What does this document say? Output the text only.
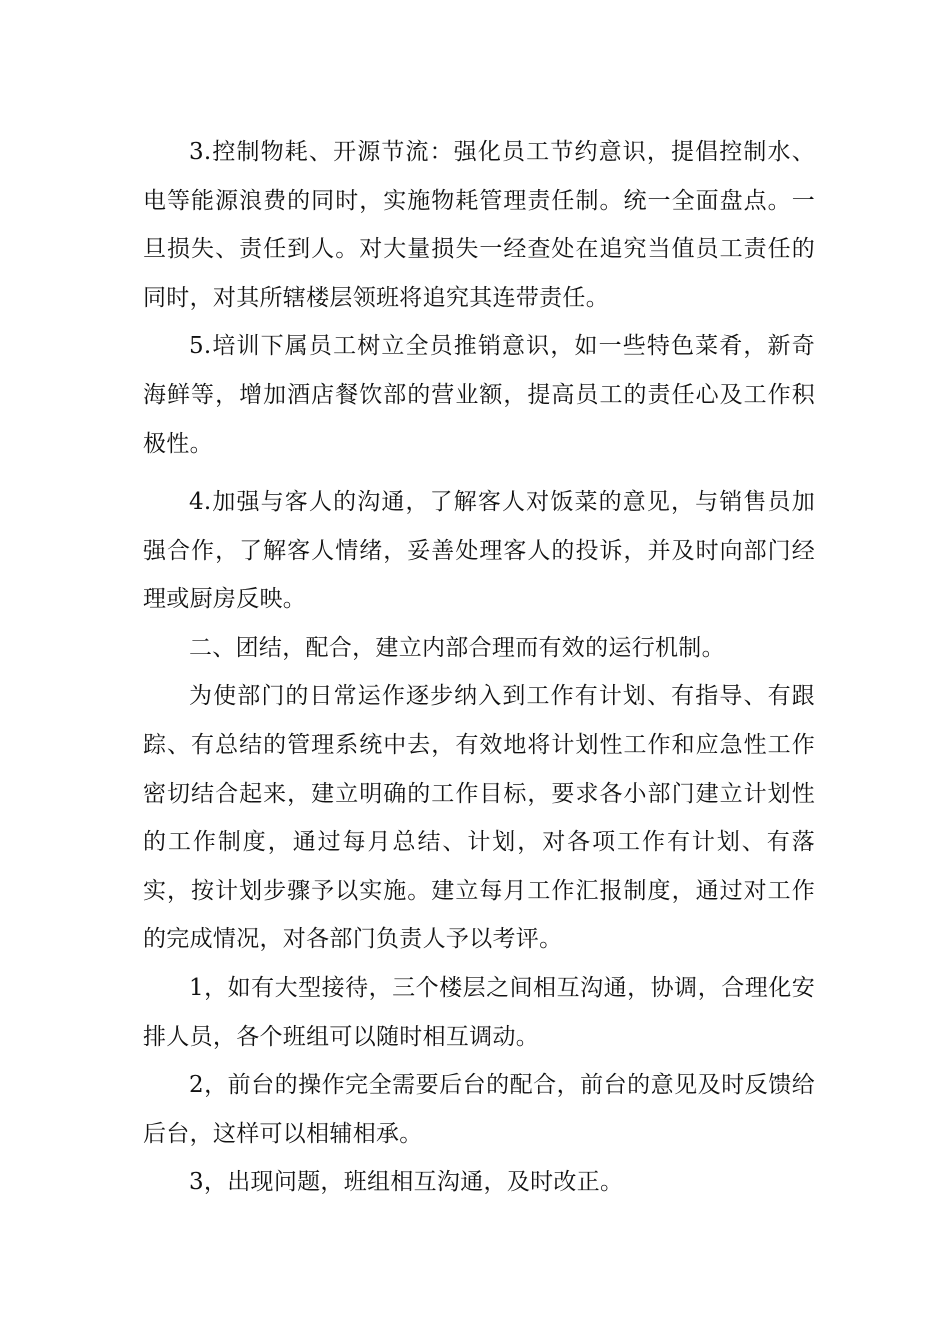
3.控制物耗、开源节流：强化员工节约意识，提倡控制水、电等能源浪费的同时，实施物耗管理责任制。统一全面盘点。一旦损失、责任到人。对大量损失一经查处在追究当值员工责任的同时，对其所辖楼层领班将追究其连带责任。

5.培训下属员工树立全员推销意识，如一些特色菜肴，新奇海鲜等，增加酒店餐饮部的营业额，提高员工的责任心及工作积极性。

4.加强与客人的沟通，了解客人对饭菜的意见，与销售员加强合作，了解客人情绪，妥善处理客人的投诉，并及时向部门经理或厨房反映。

二、团结，配合，建立内部合理而有效的运行机制。

为使部门的日常运作逐步纳入到工作有计划、有指导、有跟踪、有总结的管理系统中去，有效地将计划性工作和应急性工作密切结合起来，建立明确的工作目标，要求各小部门建立计划性的工作制度，通过每月总结、计划，对各项工作有计划、有落实，按计划步骤予以实施。建立每月工作汇报制度，通过对工作的完成情况，对各部门负责人予以考评。

1，如有大型接待，三个楼层之间相互沟通，协调，合理化安排人员，各个班组可以随时相互调动。

2，前台的操作完全需要后台的配合，前台的意见及时反馈给后台，这样可以相辅相承。

3，出现问题，班组相互沟通，及时改正。
